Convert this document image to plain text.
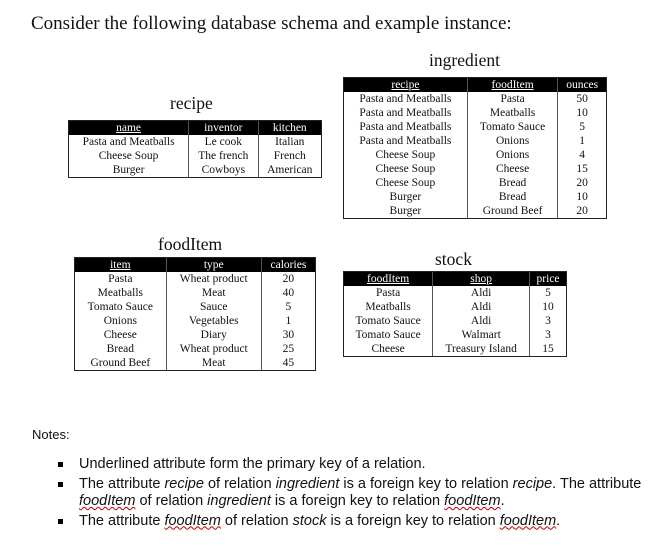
Consider the following database schema and example instance:
recipe
name	inventor	kitchen
Pasta and Meatballs	Le cook	Italian
Cheese Soup	The french	French
Burger	Cowboys	American
ingredient
recipe	foodItem	ounces
Pasta and Meatballs	Pasta	50
Pasta and Meatballs	Meatballs	10
Pasta and Meatballs	Tomato Sauce	5
Pasta and Meatballs	Onions	1
Cheese Soup	Onions	4
Cheese Soup	Cheese	15
Cheese Soup	Bread	20
Burger	Bread	10
Burger	Ground Beef	20
foodItem
item	type	calories
Pasta	Wheat product	20
Meatballs	Meat	40
Tomato Sauce	Sauce	5
Onions	Vegetables	1
Cheese	Diary	30
Bread	Wheat product	25
Ground Beef	Meat	45
stock
foodItem	shop	price
Pasta	Aldi	5
Meatballs	Aldi	10
Tomato Sauce	Aldi	3
Tomato Sauce	Walmart	3
Cheese	Treasury Island	15
Notes:
Underlined attribute form the primary key of a relation.
The attribute recipe of relation ingredient is a foreign key to relation recipe. The attribute foodItem of relation ingredient is a foreign key to relation foodItem.
The attribute foodItem of relation stock is a foreign key to relation foodItem.
